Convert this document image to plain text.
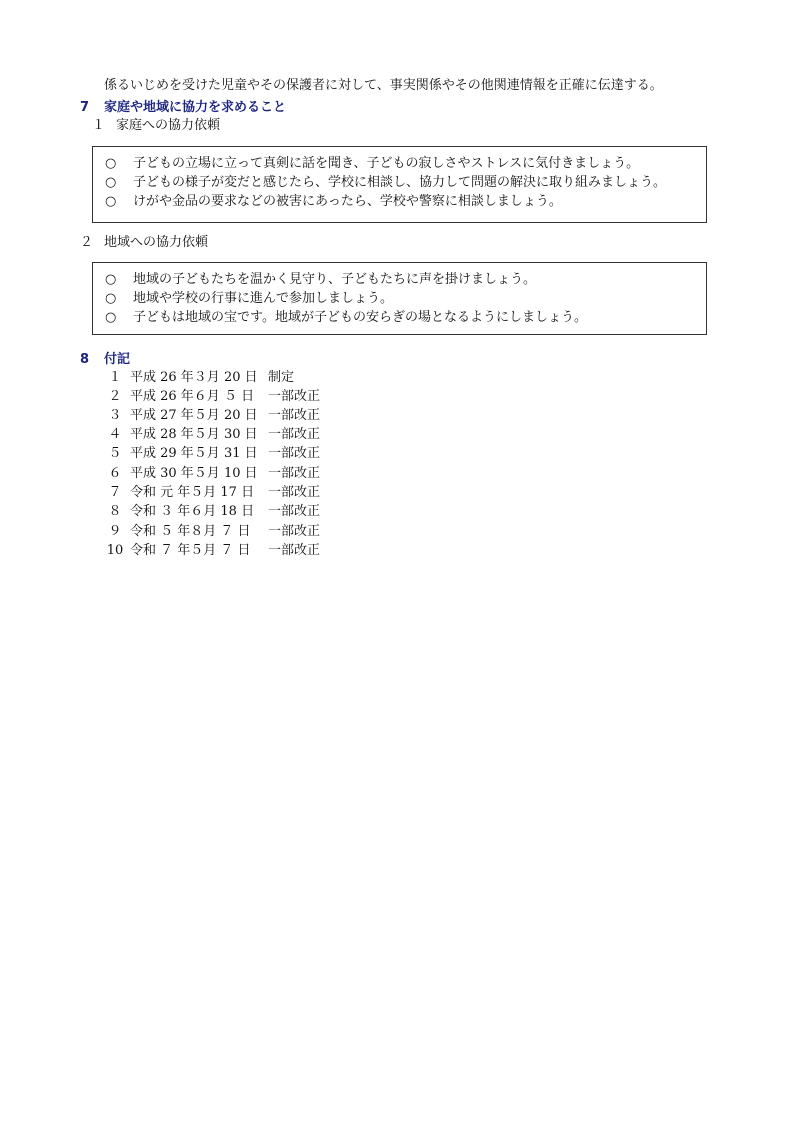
係るいじめを受けた児童やその保護者に対して、事実関係やその他関連情報を正確に伝達する。
7 家庭や地域に協力を求めること
１ 家庭への協力依頼
○ 子どもの立場に立って真剣に話を聞き、子どもの寂しさやストレスに気付きましょう。
○ 子どもの様子が変だと感じたら、学校に相談し、協力して問題の解決に取り組みましょう。
○ けがや金品の要求などの被害にあったら、学校や警察に相談しましょう。
２ 地域への協力依頼
○ 地域の子どもたちを温かく見守り、子どもたちに声を掛けましょう。
○ 地域や学校の行事に進んで参加しましょう。
○ 子どもは地域の宝です。地域が子どもの安らぎの場となるようにしましょう。
8 付記
１ 平成 26 年３月 20 日 制定
２ 平成 26 年６月 ５ 日 一部改正
３ 平成 27 年５月 20 日 一部改正
４ 平成 28 年５月 30 日 一部改正
５ 平成 29 年５月 31 日 一部改正
６ 平成 30 年５月 10 日 一部改正
７ 令和 元 年５月 17 日 一部改正
８ 令和 ３ 年６月 18 日 一部改正
９ 令和 ５ 年８月 ７ 日 一部改正
10 令和 ７ 年５月 ７ 日 一部改正
